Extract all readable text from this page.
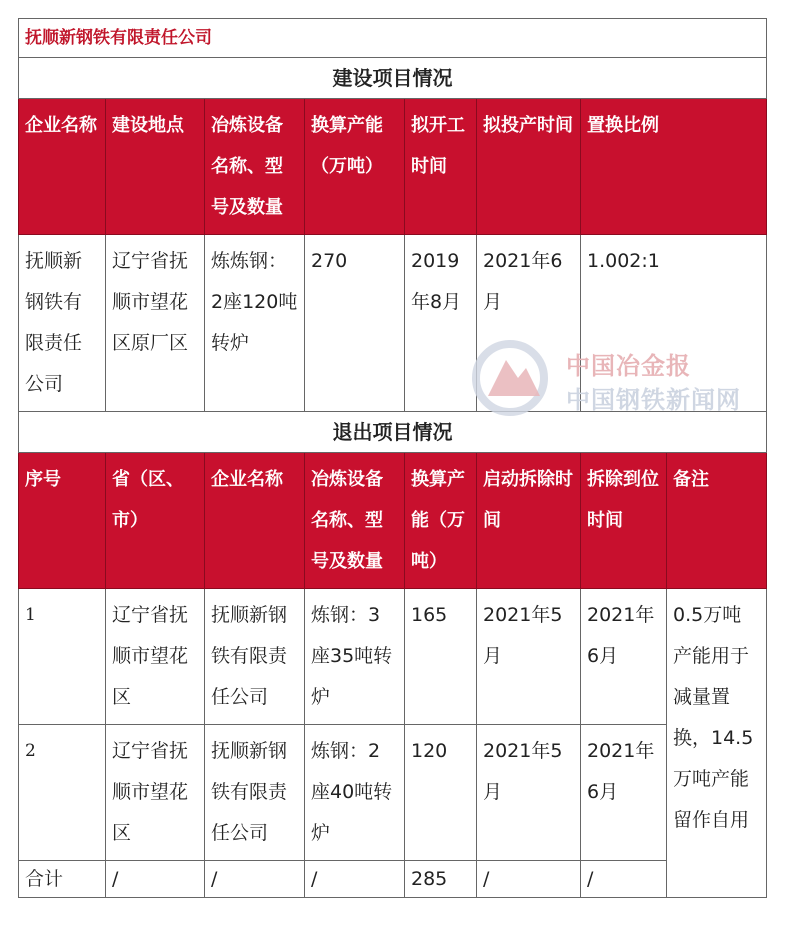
抚顺新钢铁有限责任公司							
建设项目情况							
企业名称	建设地点	冶炼设备名称、型号及数量	换算产能（万吨）	拟开工时间	拟投产时间	置换比例	
抚顺新钢铁有限责任公司	辽宁省抚顺市望花区原厂区	炼炼钢：2座120吨转炉	270	2019年8月	2021年6月	1.002:1	
退出项目情况							
序号	省（区、市）	企业名称	冶炼设备名称、型号及数量	换算产能（万吨）	启动拆除时间	拆除到位时间	备注
1	辽宁省抚顺市望花区	抚顺新钢铁有限责任公司	炼钢：3座35吨转炉	165	2021年5月	2021年6月	0.5万吨产能用于减量置换，14.5万吨产能留作自用
2	辽宁省抚顺市望花区	抚顺新钢铁有限责任公司	炼钢：2座40吨转炉	120	2021年5月	2021年6月	
合计	/	/	/	285	/	/	
中国冶金报
中国钢铁新闻网
